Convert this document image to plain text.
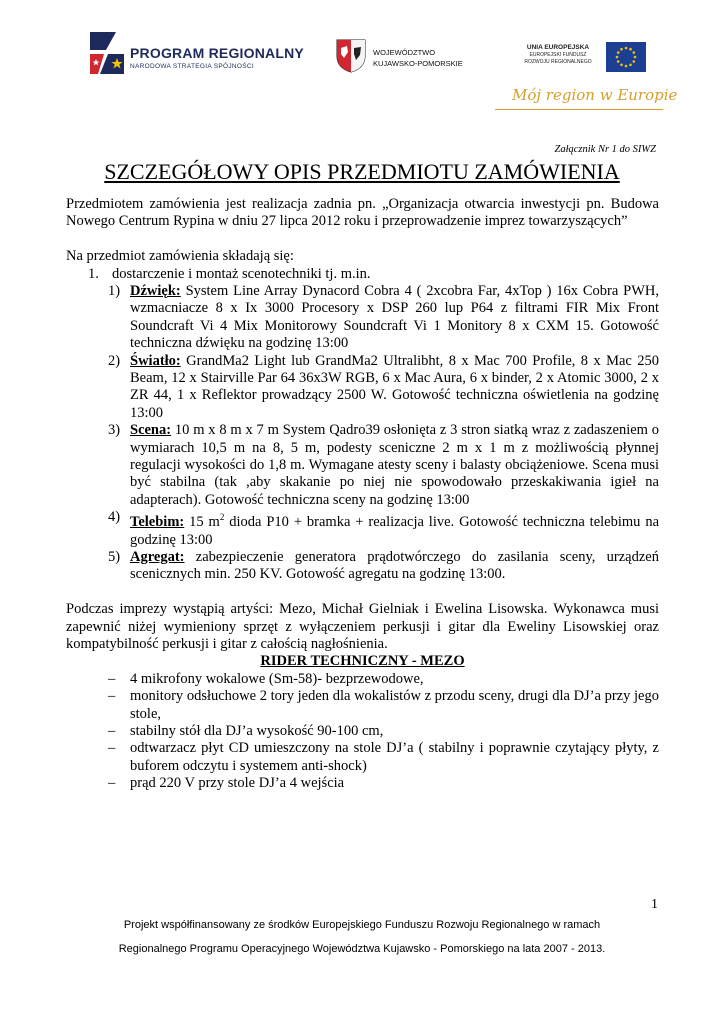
PROGRAM REGIONALNY
NARODOWA STRATEGIA SPÓJNOŚCI
WOJEWÓDZTWO
KUJAWSKO-POMORSKIE
UNIA EUROPEJSKA
EUROPEJSKI FUNDUSZ
ROZWOJU REGIONALNEGO
Mój region w Europie
Załącznik Nr 1 do SIWZ
SZCZEGÓŁOWY OPIS PRZEDMIOTU ZAMÓWIENIA

Przedmiotem zamówienia jest realizacja zadnia pn. „Organizacja otwarcia inwestycji pn. Budowa Nowego Centrum Rypina w dniu 27 lipca 2012 roku i przeprowadzenie imprez towarzyszących”

Na przedmiot zamówienia składają się:

1. dostarczenie i montaż scenotechniki tj. m.in.

1) Dźwięk: System Line Array Dynacord Cobra 4 ( 2xcobra Far, 4xTop ) 16x Cobra PWH, wzmacniacze 8 x Ix 3000 Procesory x DSP 260 lup P64 z filtrami FIR Mix Front Soundcraft Vi 4 Mix Monitorowy Soundcraft Vi 1 Monitory 8 x CXM 15. Gotowość techniczna dźwięku na godzinę 13:00
2) Światło: GrandMa2 Light lub GrandMa2 Ultralibht, 8 x Mac 700 Profile, 8 x Mac 250 Beam, 12 x Stairville Par 64 36x3W RGB, 6 x Mac Aura, 6 x binder, 2 x Atomic 3000, 2 x ZR 44, 1 x Reflektor prowadzący 2500 W. Gotowość techniczna oświetlenia na godzinę 13:00
3) Scena: 10 m x 8 m x 7 m System Qadro39 osłonięta z 3 stron siatką wraz z zadaszeniem o wymiarach 10,5 m na 8, 5 m, podesty sceniczne 2 m x 1 m z możliwością płynnej regulacji wysokości do 1,8 m. Wymagane atesty sceny i balasty obciążeniowe. Scena musi być stabilna (tak ,aby skakanie po niej nie spowodowało przeskakiwania igieł na adapterach). Gotowość techniczna sceny na godzinę 13:00
4) Telebim: 15 $m^2$ dioda P10 + bramka + realizacja live. Gotowość techniczna telebimu na godzinę 13:00
5) Agregat: zabezpieczenie generatora prądotwórczego do zasilania sceny, urządzeń scenicznych min. 250 KV. Gotowość agregatu na godzinę 13:00.

Podczas imprezy wystąpią artyści: Mezo, Michał Gielniak i Ewelina Lisowska. Wykonawca musi zapewnić niżej wymieniony sprzęt z wyłączeniem perkusji i gitar dla Eweliny Lisowskiej oraz kompatybilność perkusji i gitar z całością nagłośnienia.

RIDER TECHNICZNY - MEZO

–	4 mikrofony wokalowe (Sm-58)- bezprzewodowe,
–	monitory odsłuchowe 2 tory jeden dla wokalistów z przodu sceny, drugi dla DJ’a przy jego stole,
–	stabilny stół dla DJ’a wysokość 90-100 cm,
–	odtwarzacz płyt CD umieszczony na stole DJ’a ( stabilny i poprawnie czytający płyty, z buforem odczytu i systemem anti-shock)
–	prąd 220 V przy stole DJ’a 4 wejścia
1
Projekt współfinansowany ze środków Europejskiego Funduszu Rozwoju Regionalnego w ramach
Regionalnego Programu Operacyjnego Województwa Kujawsko - Pomorskiego na lata 2007 - 2013.
